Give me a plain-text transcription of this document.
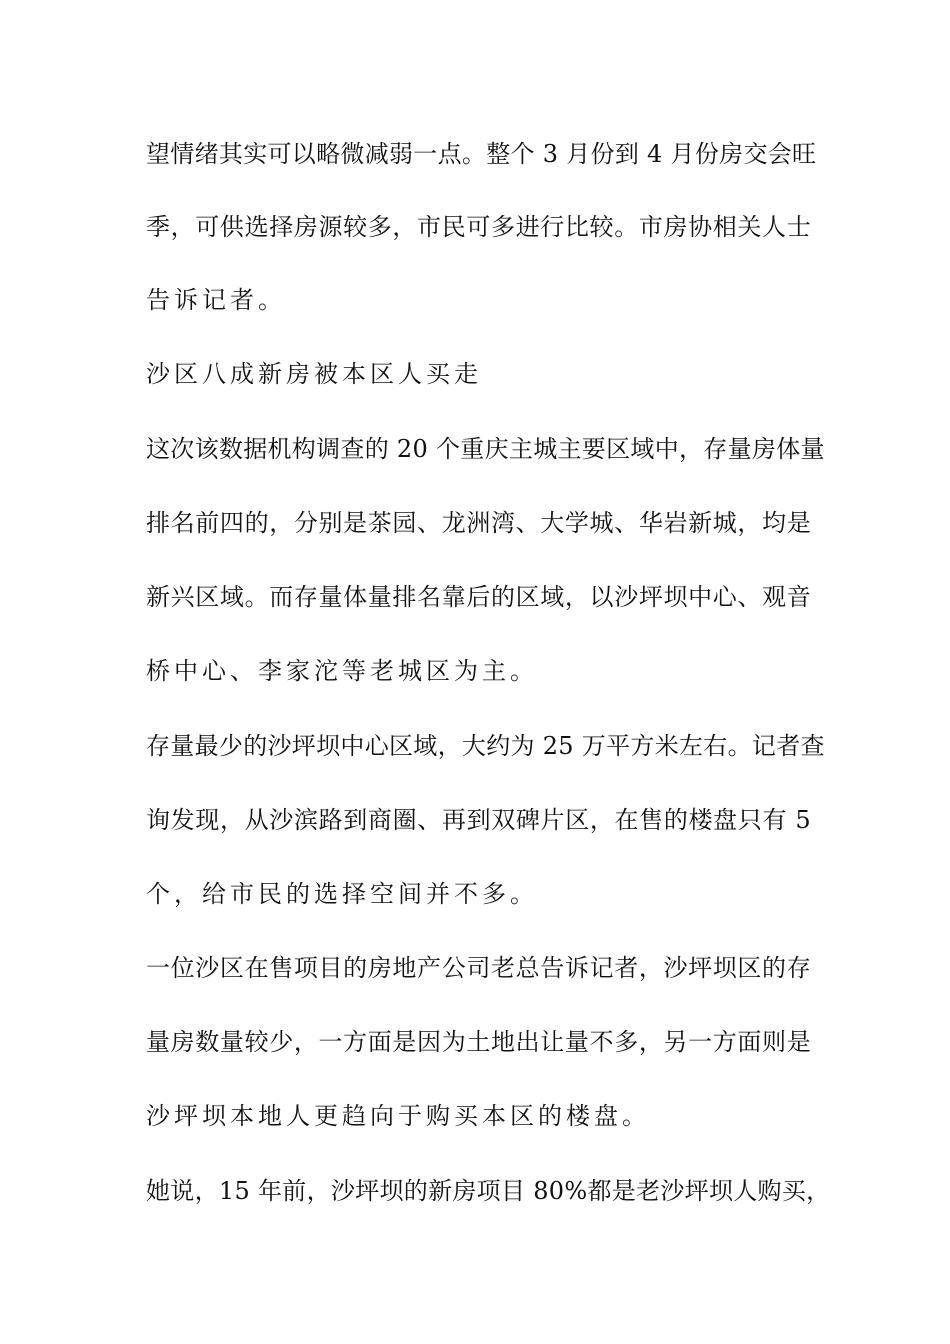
望情绪其实可以略微减弱一点。整个 3 月份到 4 月份房交会旺
季，可供选择房源较多，市民可多进行比较。市房协相关人士
告诉记者。
沙区八成新房被本区人买走
这次该数据机构调查的 20 个重庆主城主要区域中，存量房体量
排名前四的，分别是茶园、龙洲湾、大学城、华岩新城，均是
新兴区域。而存量体量排名靠后的区域，以沙坪坝中心、观音
桥中心、李家沱等老城区为主。
存量最少的沙坪坝中心区域，大约为 25 万平方米左右。记者查
询发现，从沙滨路到商圈、再到双碑片区，在售的楼盘只有 5
个，给市民的选择空间并不多。
一位沙区在售项目的房地产公司老总告诉记者，沙坪坝区的存
量房数量较少，一方面是因为土地出让量不多，另一方面则是
沙坪坝本地人更趋向于购买本区的楼盘。
她说，15 年前，沙坪坝的新房项目 80%都是老沙坪坝人购买，
